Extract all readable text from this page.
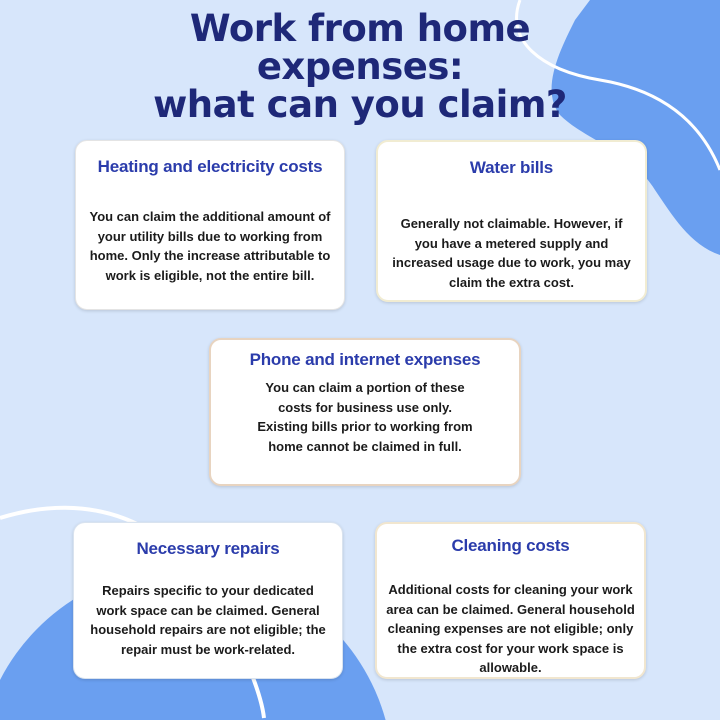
Work from home
expenses:
what can you claim?
Heating and electricity costs

You can claim the additional amount of your utility bills due to working from home. Only the increase attributable to work is eligible, not the entire bill.

Water bills

Generally not claimable. However, if you have a metered supply and increased usage due to work, you may claim the extra cost.

Phone and internet expenses

You can claim a portion of these costs for business use only. Existing bills prior to working from home cannot be claimed in full.

Necessary repairs

Repairs specific to your dedicated work space can be claimed. General household repairs are not eligible; the repair must be work-related.

Cleaning costs

Additional costs for cleaning your work area can be claimed. General household cleaning expenses are not eligible; only the extra cost for your work space is allowable.
